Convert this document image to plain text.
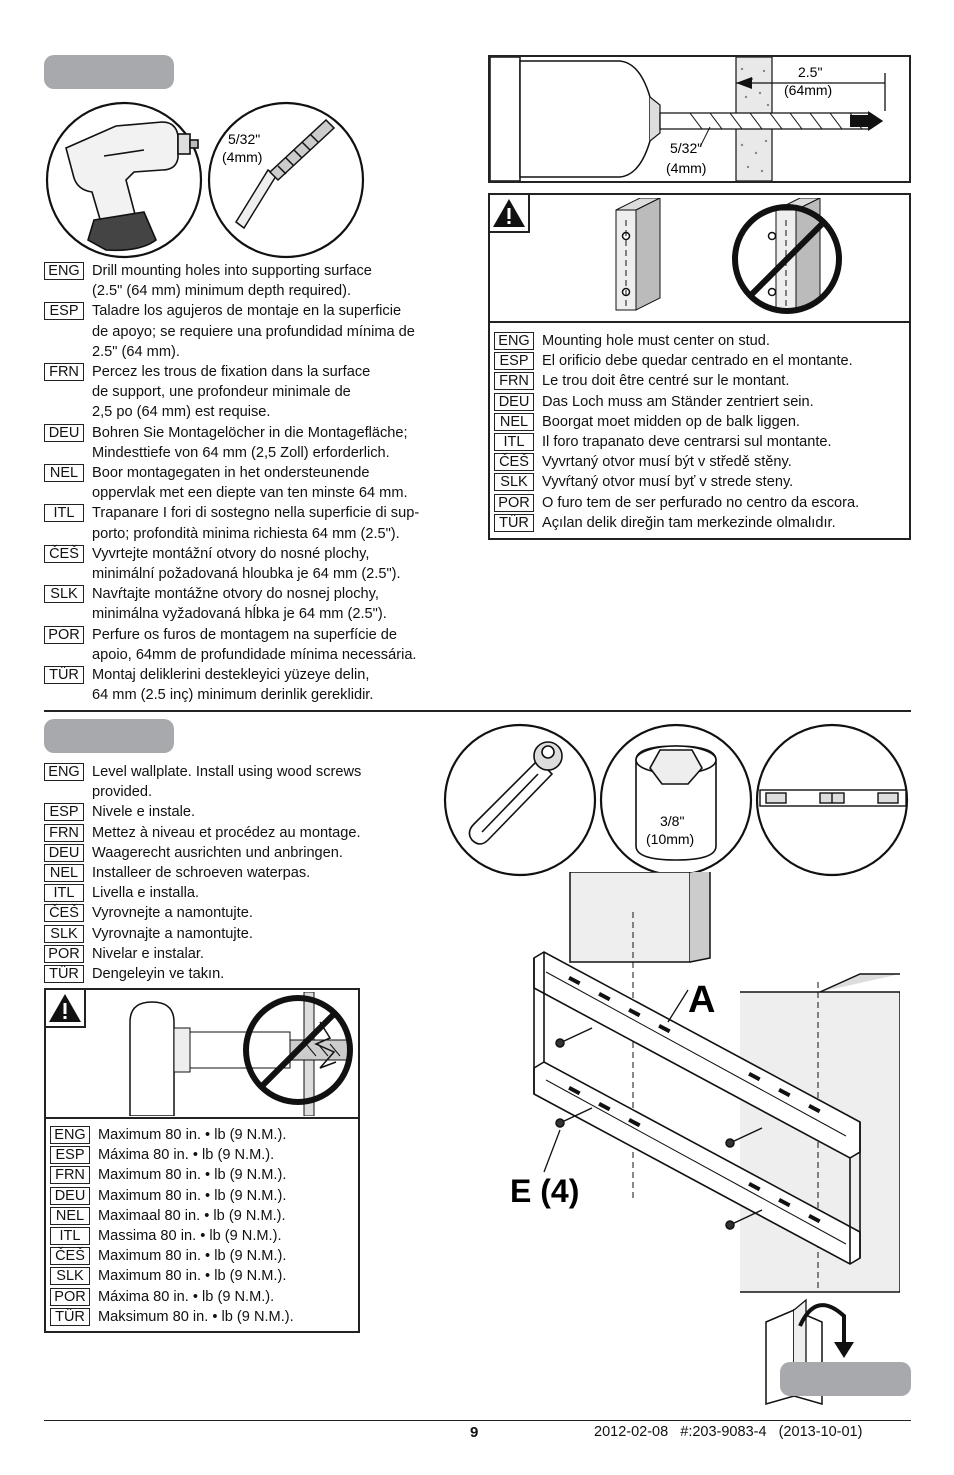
5/32"
(4mm)
ENG Drill mounting holes into supporting surface
(2.5" (64 mm) minimum depth required).
ESP Taladre los agujeros de montaje en la superficie
de apoyo; se requiere una profundidad mínima de
2.5" (64 mm).
FRN Percez les trous de fixation dans la surface
de support, une profondeur minimale de
2,5 po (64 mm) est requise.
DEU Bohren Sie Montagelöcher in die Montagefläche;
Mindesttiefe von 64 mm (2,5 Zoll) erforderlich.
NEL Boor montagegaten in het ondersteunende
oppervlak met een diepte van ten minste 64 mm.
ITL	Trapanare I fori di sostegno nella superficie di sup-
porto; profondità minima richiesta 64 mm (2.5").
ČEŠ Vyvrtejte montážní otvory do nosné plochy,
minimální požadovaná hloubka je 64 mm (2.5").
SLK Navŕtajte montážne otvory do nosnej plochy,
minimálna vyžadovaná hĺbka je 64 mm (2.5").
POR Perfure os furos de montagem na superfície de
apoio, 64mm de profundidade mínima necessária.
TÜR Montaj deliklerini destekleyici yüzeye delin,
64 mm (2.5 inç) minimum derinlik gereklidir.
2.5"
(64mm)
5/32"
(4mm)
ENG Mounting hole must center on stud.
ESP El orificio debe quedar centrado en el montante.
FRN Le trou doit être centré sur le montant.
DEU Das Loch muss am Ständer zentriert sein.
NEL Boorgat moet midden op de balk liggen.
ITL	Il foro trapanato deve centrarsi sul montante.
ČEŠ Vyvrtaný otvor musí být v středě stěny.
SLK Vyvŕtaný otvor musí byť v strede steny.
POR O furo tem de ser perfurado no centro da escora.
TÜR Açılan delik direğin tam merkezinde olmalıdır.
ENG Level wallplate. Install using wood screws
provided.
ESP Nivele e instale.
FRN Mettez à niveau et procédez au montage.
DEU Waagerecht ausrichten und anbringen.
NEL Installeer de schroeven waterpas.
ITL	Livella e installa.
ČEŠ Vyrovnejte a namontujte.
SLK Vyrovnajte a namontujte.
POR Nivelar e instalar.
TÜR Dengeleyin ve takın.
3/8"
(10mm)
A
E (4)
ENG Maximum 80 in. • lb (9 N.M.).
ESP Máxima 80 in. • lb (9 N.M.).
FRN Maximum 80 in. • lb (9 N.M.).
DEU Maximum 80 in. • lb (9 N.M.).
NEL Maximaal 80 in. • lb (9 N.M.).
ITL	Massima 80 in. • lb (9 N.M.).
ČEŠ Maximum 80 in. • lb (9 N.M.).
SLK Maximum 80 in. • lb (9 N.M.).
POR Máxima 80 in. • lb (9 N.M.).
TÜR Maksimum 80 in. • lb (9 N.M.).
9	2012-02-08   #:203-9083-4   (2013-10-01)
